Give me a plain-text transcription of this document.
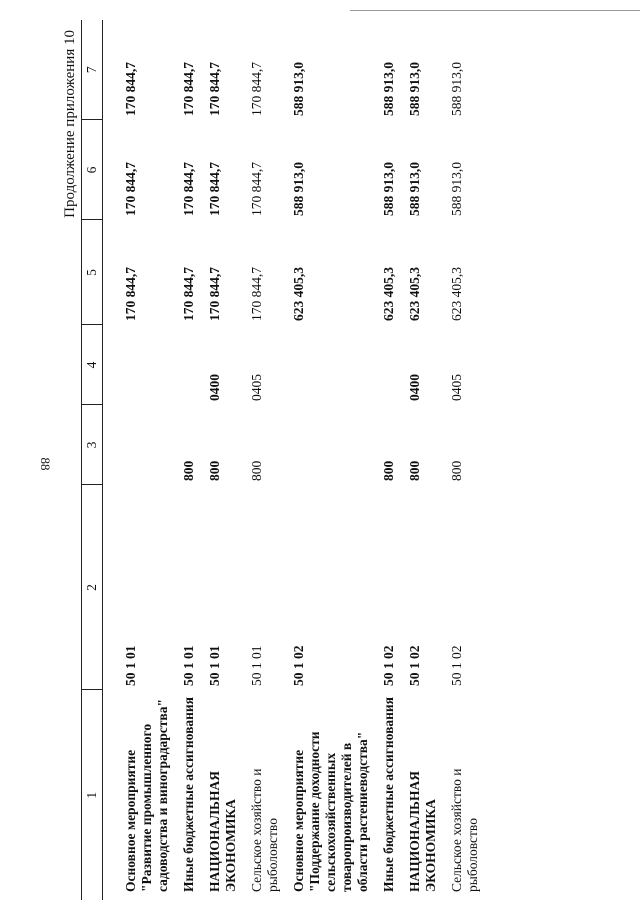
88
Продолжение приложения 10
1	2	3	4	5	6	7
Основное мероприятие "Развитие промышленного садоводства и виноградарства"	50 1 01			170 844,7	170 844,7	170 844,7
Иные бюджетные ассигнования	50 1 01	800		170 844,7	170 844,7	170 844,7
НАЦИОНАЛЬНАЯ ЭКОНОМИКА	50 1 01	800	0400	170 844,7	170 844,7	170 844,7
Сельское хозяйство и рыболовство	50 1 01	800	0405	170 844,7	170 844,7	170 844,7
Основное мероприятие "Поддержание доходности сельскохозяйственных товаропроизводителей в области растениеводства"	50 1 02			623 405,3	588 913,0	588 913,0
Иные бюджетные ассигнования	50 1 02	800		623 405,3	588 913,0	588 913,0
НАЦИОНАЛЬНАЯ ЭКОНОМИКА	50 1 02	800	0400	623 405,3	588 913,0	588 913,0
Сельское хозяйство и рыболовство	50 1 02	800	0405	623 405,3	588 913,0	588 913,0
